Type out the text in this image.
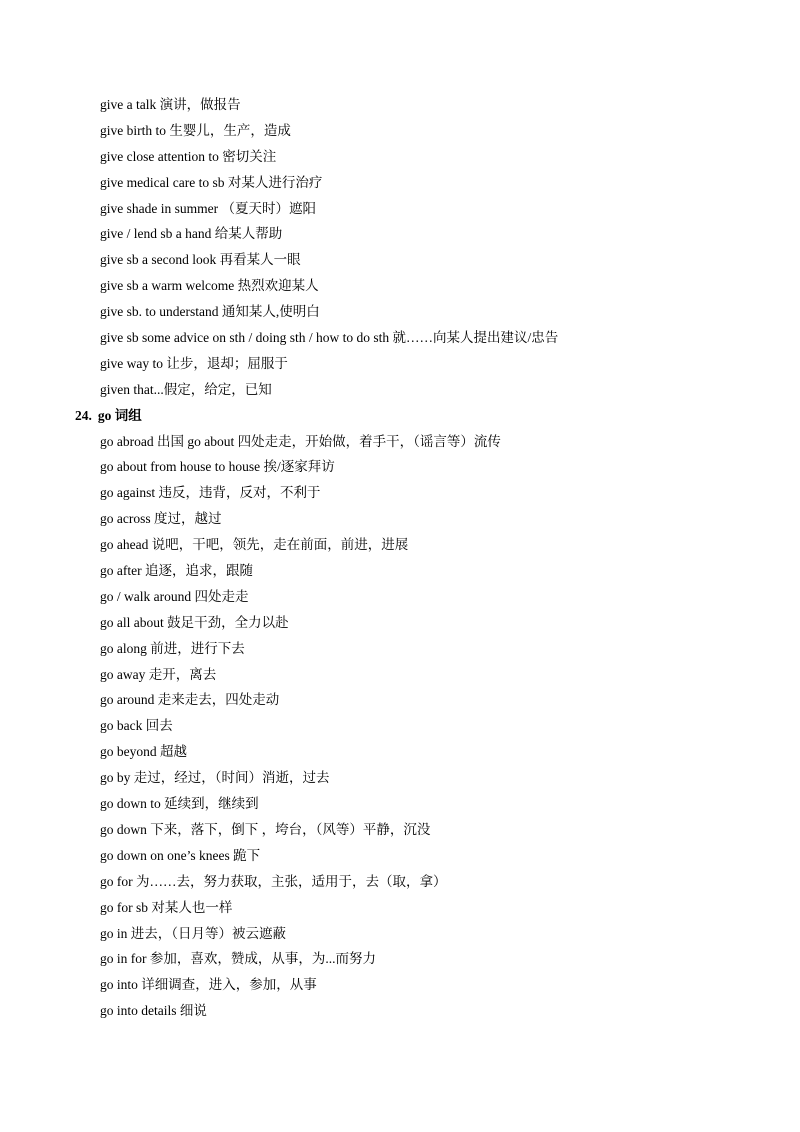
give a talk 演讲，做报告
give birth to 生婴儿，生产，造成
give close attention to 密切关注
give medical care to sb 对某人进行治疗
give shade in summer （夏天时）遮阳
give / lend sb a hand 给某人帮助
give sb a second look 再看某人一眼
give sb a warm welcome 热烈欢迎某人
give sb. to understand 通知某人,使明白
give sb some advice on sth / doing sth / how to do sth 就……向某人提出建议/忠告
give way to 让步，退却；屈服于
given that...假定，给定，已知
24. go 词组
go abroad 出国 go about 四处走走，开始做，着手干，（谣言等）流传
go about from house to house 挨/逐家拜访
go against 违反，违背，反对，不利于
go across 度过，越过
go ahead 说吧，干吧，领先，走在前面，前进，进展
go after 追逐，追求，跟随
go / walk around 四处走走
go all about 鼓足干劲，全力以赴
go along 前进，进行下去
go away 走开，离去
go around 走来走去，四处走动
go back 回去
go beyond 超越
go by 走过，经过，（时间）消逝，过去
go down to 延续到，继续到
go down 下来，落下，倒下 ，垮台，（风等）平静，沉没
go down on one’s knees 跪下
go for 为……去，努力获取，主张，适用于，去（取，拿）
go for sb 对某人也一样
go in 进去，（日月等）被云遮蔽
go in for 参加，喜欢，赞成，从事，为...而努力
go into 详细调查，进入，参加，从事
go into details 细说
